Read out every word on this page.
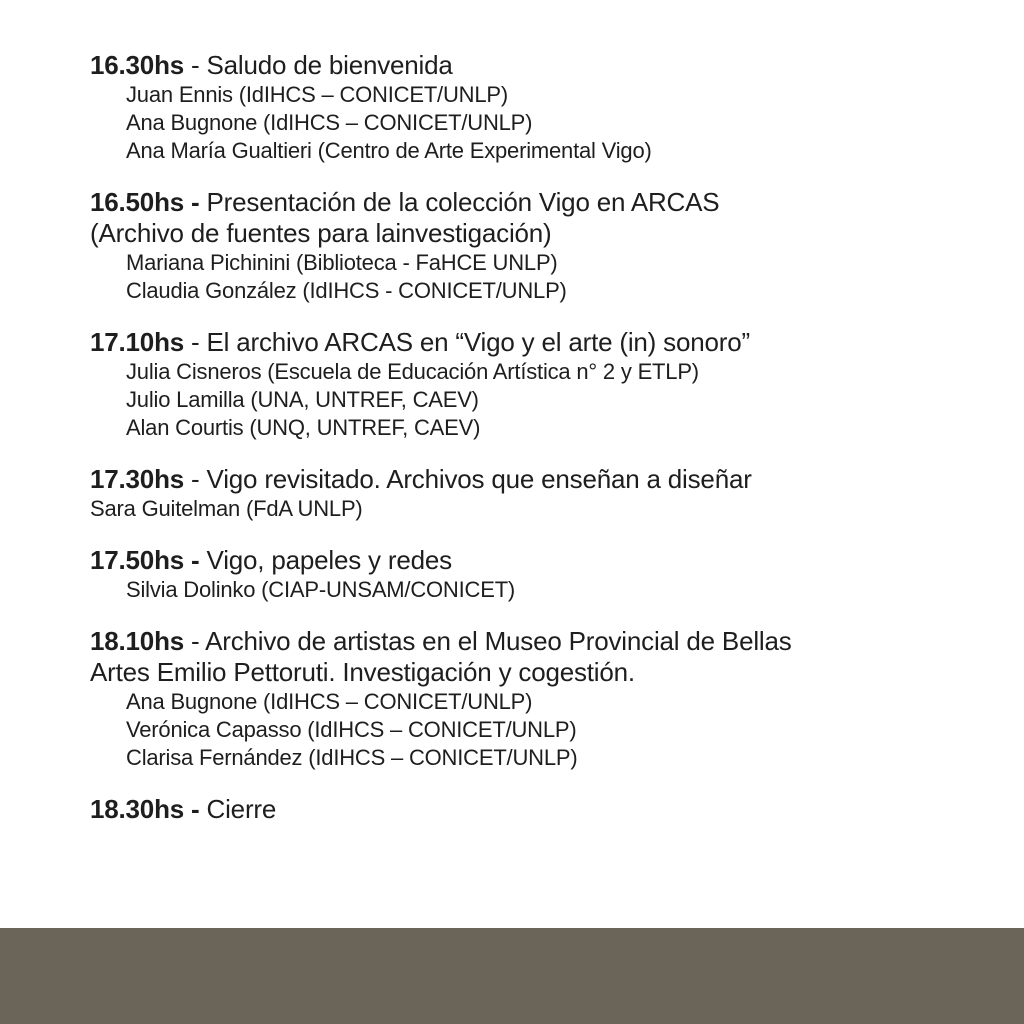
16.30hs - Saludo de bienvenida

Juan Ennis (IdIHCS – CONICET/UNLP)

Ana Bugnone (IdIHCS – CONICET/UNLP)

Ana María Gualtieri (Centro de Arte Experimental Vigo)

16.50hs - Presentación de la colección Vigo en ARCAS

(Archivo de fuentes para lainvestigación)

Mariana Pichinini (Biblioteca - FaHCE UNLP)

Claudia González (IdIHCS - CONICET/UNLP)

17.10hs - El archivo ARCAS en “Vigo y el arte (in) sonoro”

Julia Cisneros (Escuela de Educación Artística n° 2 y ETLP)

Julio Lamilla (UNA, UNTREF, CAEV)

Alan Courtis (UNQ, UNTREF, CAEV)

17.30hs - Vigo revisitado. Archivos que enseñan a diseñar

Sara Guitelman (FdA UNLP)

17.50hs - Vigo, papeles y redes

Silvia Dolinko (CIAP-UNSAM/CONICET)

18.10hs - Archivo de artistas en el Museo Provincial de Bellas

Artes Emilio Pettoruti. Investigación y cogestión.

Ana Bugnone (IdIHCS – CONICET/UNLP)

Verónica Capasso (IdIHCS – CONICET/UNLP)

Clarisa Fernández (IdIHCS – CONICET/UNLP)

18.30hs - Cierre
